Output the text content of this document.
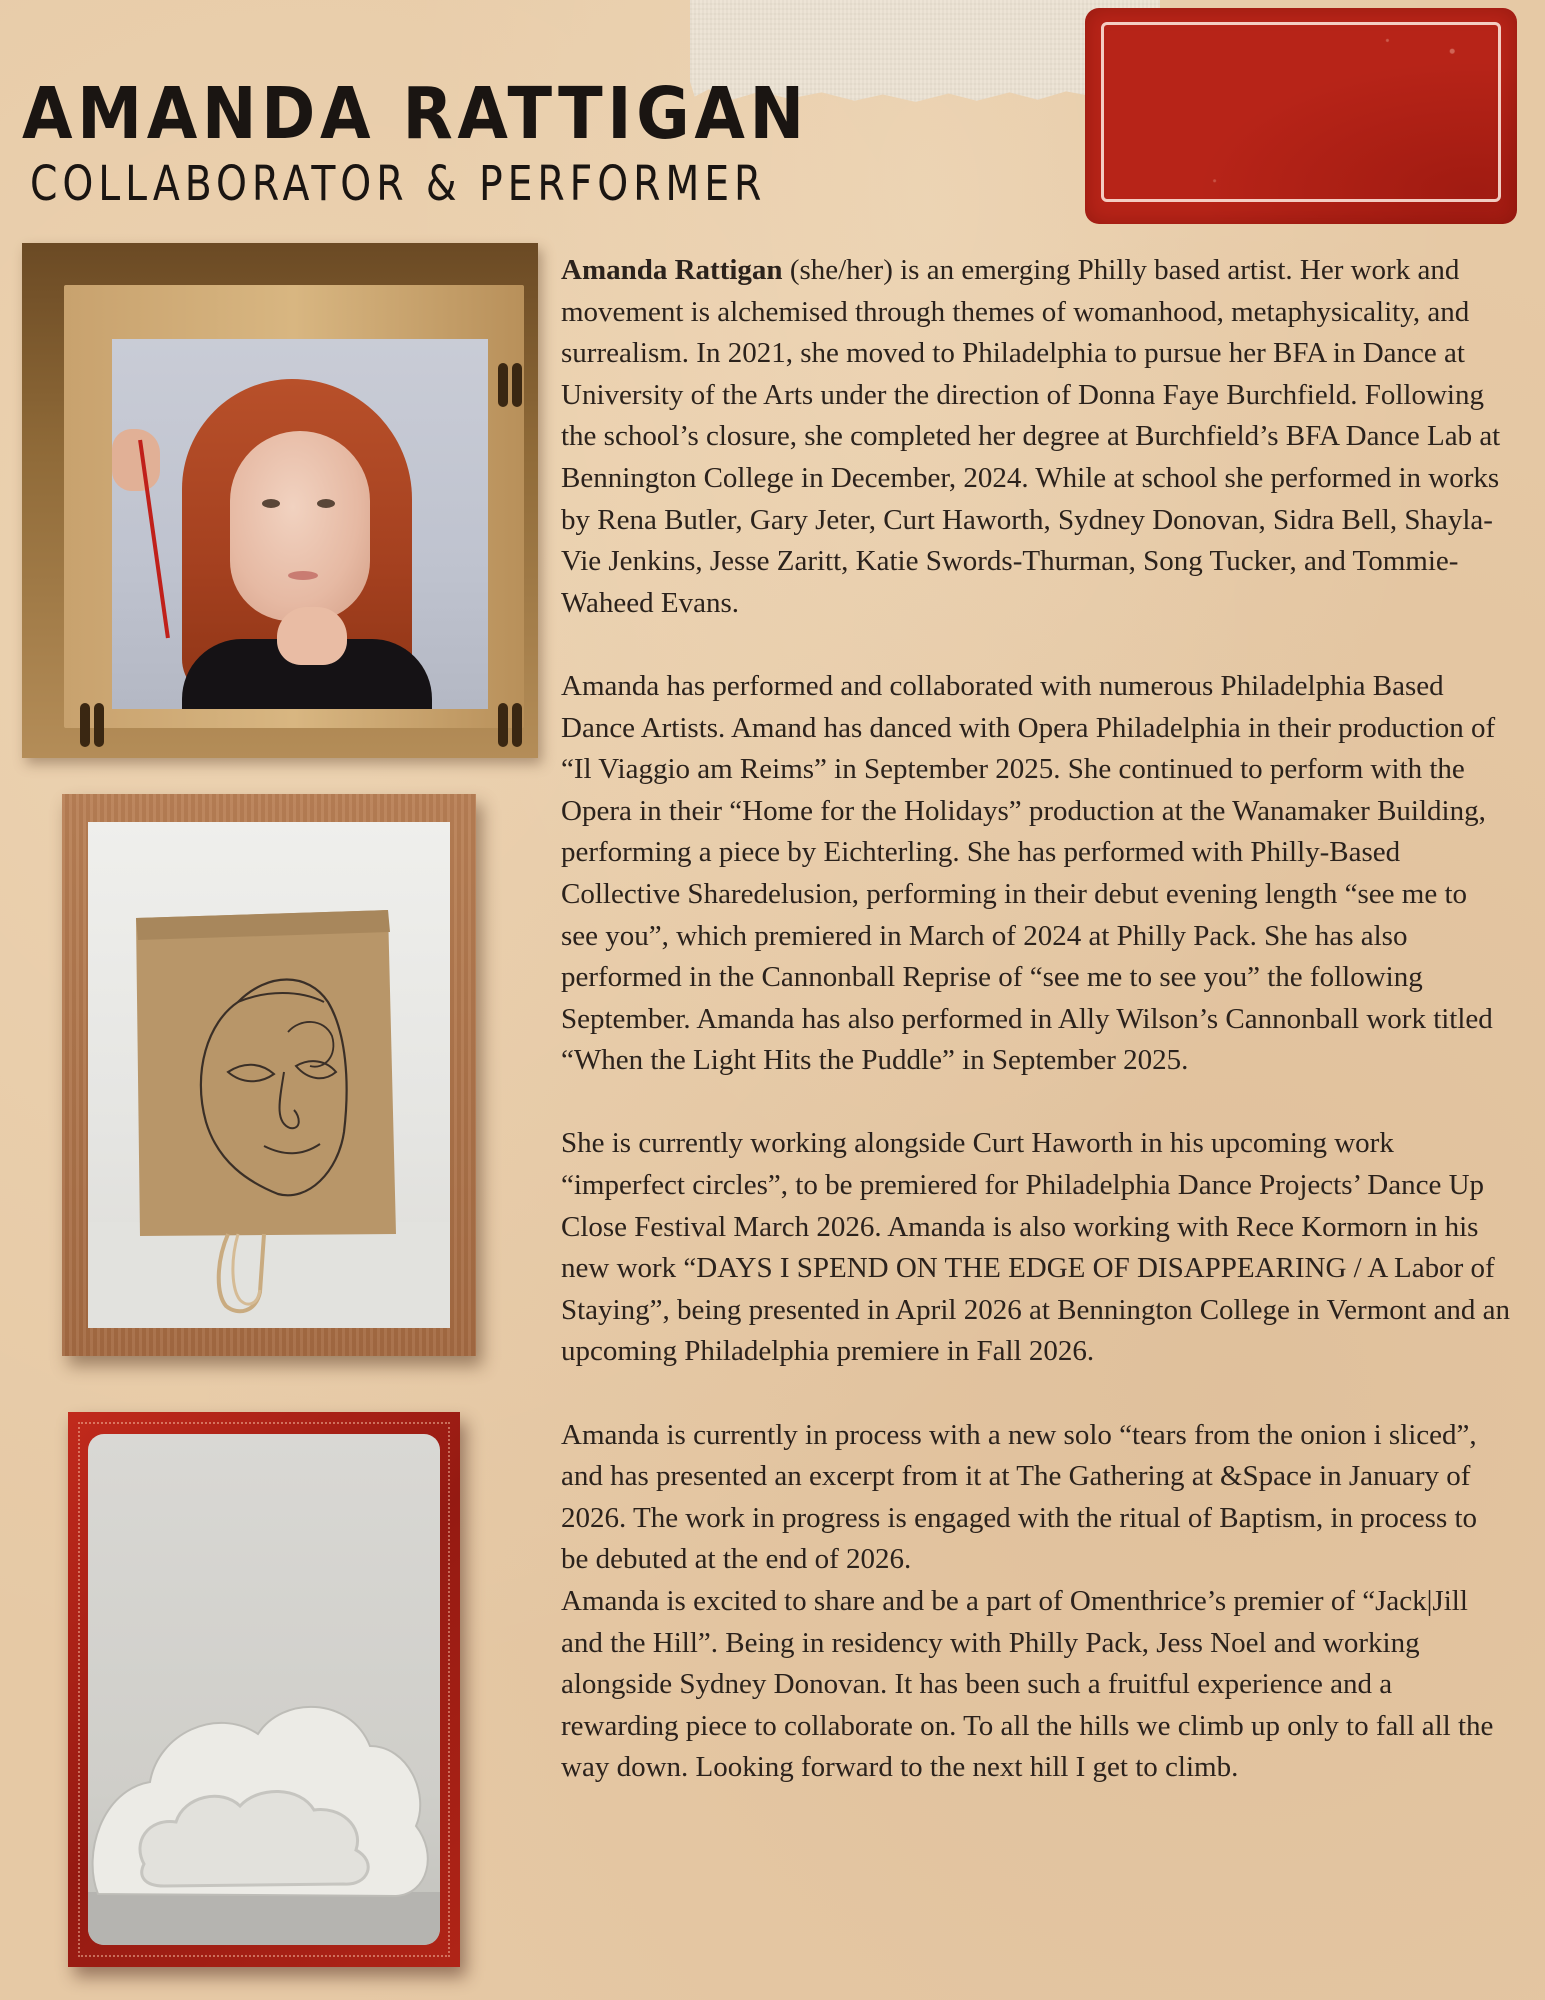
AMANDA RATTIGAN
COLLABORATOR & PERFORMER

Amanda Rattigan (she/her) is an emerging Philly based artist. Her work and movement is alchemised through themes of womanhood, metaphysicality, and surrealism. In 2021, she moved to Philadelphia to pursue her BFA in Dance at University of the Arts under the direction of Donna Faye Burchfield. Following the school’s closure, she completed her degree at Burchfield’s BFA Dance Lab at Bennington College in December, 2024. While at school she performed in works by Rena Butler, Gary Jeter, Curt Haworth, Sydney Donovan, Sidra Bell, Shayla-Vie Jenkins, Jesse Zaritt, Katie Swords-Thurman, Song Tucker, and Tommie-Waheed Evans.

Amanda has performed and collaborated with numerous Philadelphia Based Dance Artists. Amand has danced with Opera Philadelphia in their production of “Il Viaggio am Reims” in September 2025. She continued to perform with the Opera in their “Home for the Holidays” production at the Wanamaker Building, performing a piece by Eichterling. She has performed with Philly-Based Collective Sharedelusion, performing in their debut evening length “see me to see you”, which premiered in March of 2024 at Philly Pack. She has also performed in the Cannonball Reprise of “see me to see you” the following September. Amanda has also performed in Ally Wilson’s Cannonball work titled “When the Light Hits the Puddle” in September 2025.

She is currently working alongside Curt Haworth in his upcoming work “imperfect circles”, to be premiered for Philadelphia Dance Projects’ Dance Up Close Festival March 2026. Amanda is also working with Rece Kormorn in his new work “DAYS I SPEND ON THE EDGE OF DISAPPEARING / A Labor of Staying”, being presented in April 2026 at Bennington College in Vermont and an upcoming Philadelphia premiere in Fall 2026.

Amanda is currently in process with a new solo “tears from the onion i sliced”, and has presented an excerpt from it at The Gathering at &Space in January of 2026. The work in progress is engaged with the ritual of Baptism, in process to be debuted at the end of 2026.

Amanda is excited to share and be a part of Omenthrice’s premier of “Jack|Jill and the Hill”. Being in residency with Philly Pack, Jess Noel and working alongside Sydney Donovan. It has been such a fruitful experience and a rewarding piece to collaborate on. To all the hills we climb up only to fall all the way down. Looking forward to the next hill I get to climb.
